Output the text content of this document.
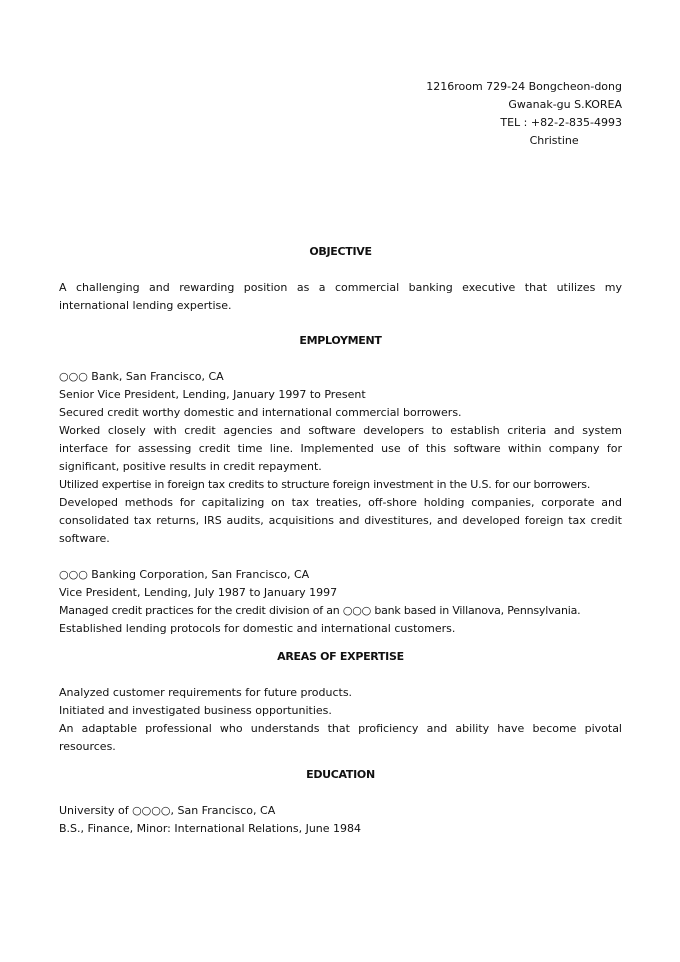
1216room 729-24 Bongcheon-dong
Gwanak-gu S.KOREA
TEL : +82-2-835-4993
Christine
OBJECTIVE

A challenging and rewarding position as a commercial banking executive that utilizes my international lending expertise.

EMPLOYMENT

○○○ Bank, San Francisco, CA

Senior Vice President, Lending, January 1997 to Present

Secured credit worthy domestic and international commercial borrowers.

Worked closely with credit agencies and software developers to establish criteria and system interface for assessing credit time line. Implemented use of this software within company for significant, positive results in credit repayment.

Utilized expertise in foreign tax credits to structure foreign investment in the U.S. for our borrowers.

Developed methods for capitalizing on tax treaties, off-shore holding companies, corporate and consolidated tax returns, IRS audits, acquisitions and divestitures, and developed foreign tax credit software.

○○○ Banking Corporation, San Francisco, CA

Vice President, Lending, July 1987 to January 1997

Managed credit practices for the credit division of an ○○○ bank based in Villanova, Pennsylvania.

Established lending protocols for domestic and international customers.

AREAS OF EXPERTISE

Analyzed customer requirements for future products.

Initiated and investigated business opportunities.

An adaptable professional who understands that proficiency and ability have become pivotal resources.

EDUCATION

University of ○○○○, San Francisco, CA

B.S., Finance, Minor: International Relations, June 1984
